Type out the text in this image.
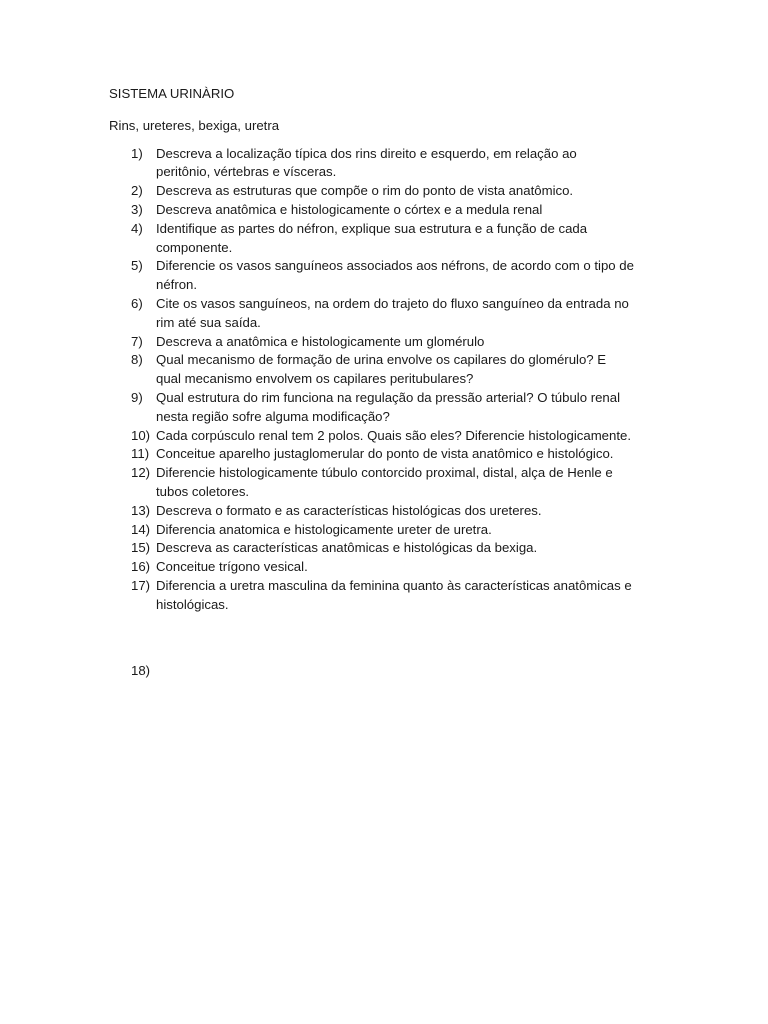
SISTEMA URINÀRIO

Rins, ureteres, bexiga, uretra

1) Descreva a localização típica dos rins direito e esquerdo, em relação ao peritônio, vértebras e vísceras.
2) Descreva as estruturas que compõe o rim do ponto de vista anatômico.
3) Descreva anatômica e histologicamente o córtex e a medula renal
4) Identifique as partes do néfron, explique sua estrutura e a função de cada componente.
5) Diferencie os vasos sanguíneos associados aos néfrons, de acordo com o tipo de néfron.
6) Cite os vasos sanguíneos, na ordem do trajeto do fluxo sanguíneo da entrada no rim até sua saída.
7) Descreva a anatômica e histologicamente um glomérulo
8) Qual mecanismo de formação de urina envolve os capilares do glomérulo? E qual mecanismo envolvem os capilares peritubulares?
9) Qual estrutura do rim funciona na regulação da pressão arterial? O túbulo renal nesta região sofre alguma modificação?
10) Cada corpúsculo renal tem 2 polos. Quais são eles? Diferencie histologicamente.
11) Conceitue aparelho justaglomerular do ponto de vista anatômico e histológico.
12) Diferencie histologicamente túbulo contorcido proximal, distal, alça de Henle e tubos coletores.
13) Descreva o formato e as características histológicas dos ureteres.
14) Diferencia anatomica e histologicamente ureter de uretra.
15) Descreva as características anatômicas e histológicas da bexiga.
16) Conceitue trígono vesical.
17) Diferencia a uretra masculina da feminina quanto às características anatômicas e histológicas.
18)
